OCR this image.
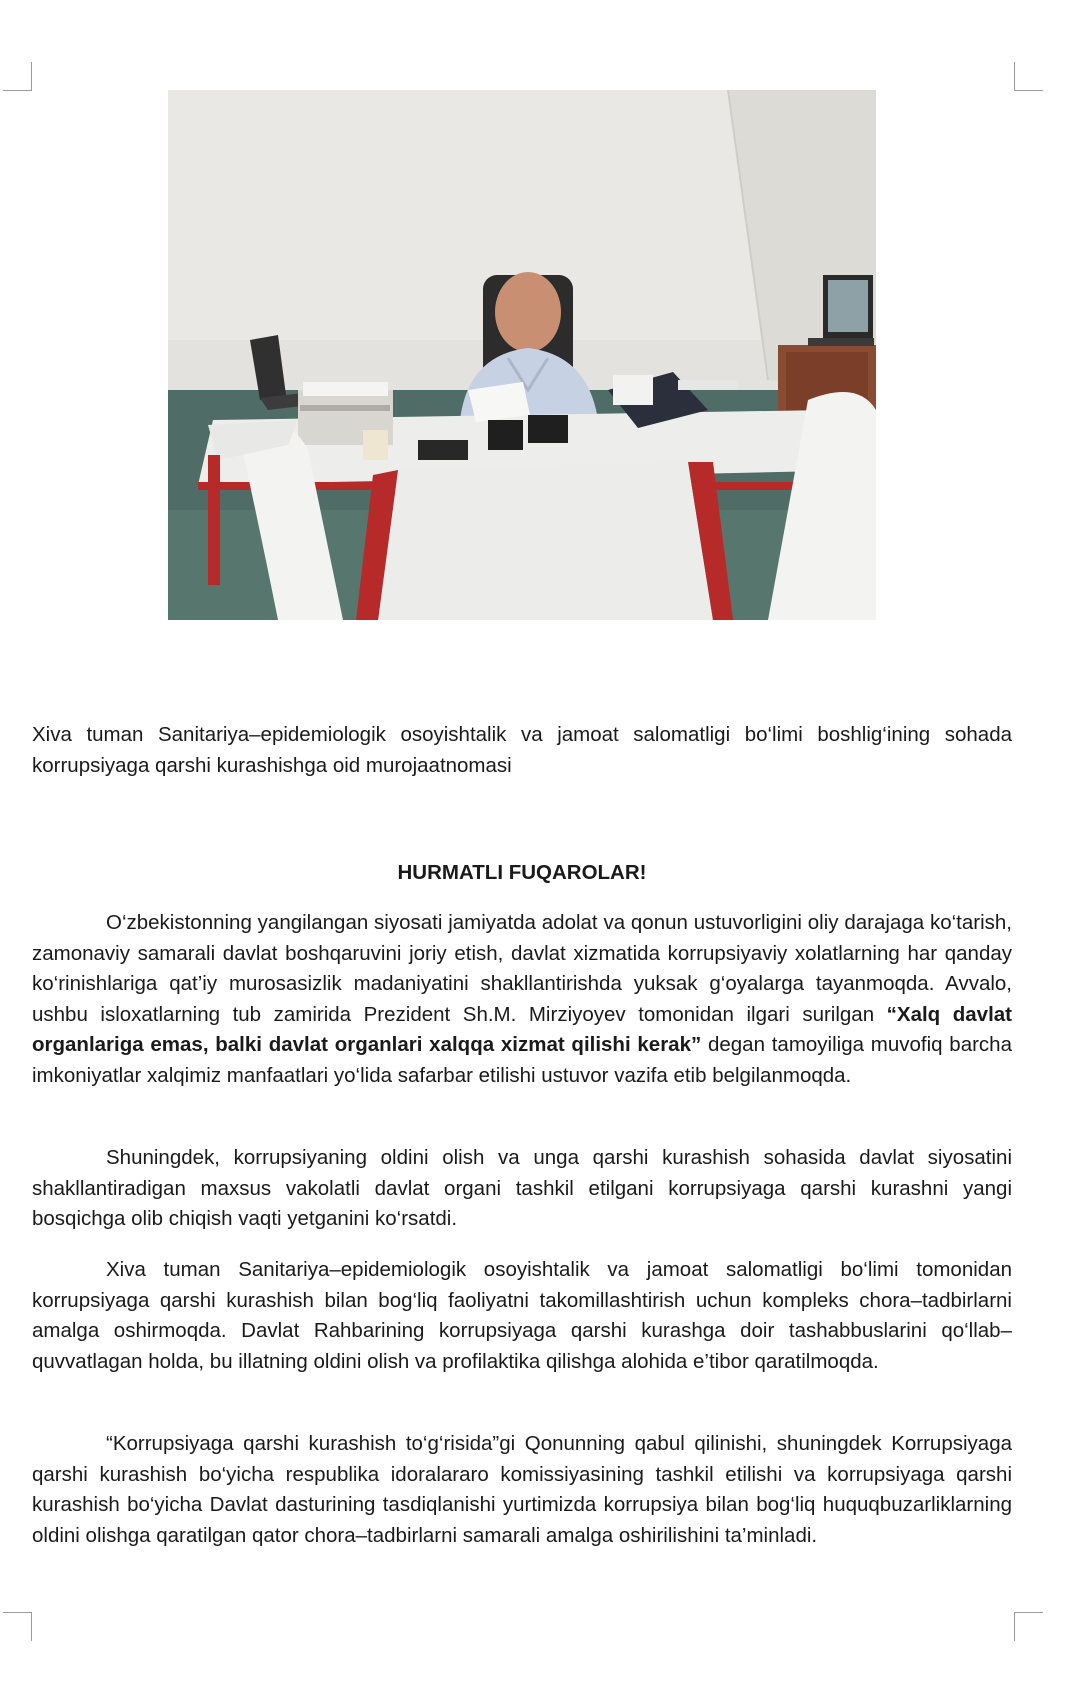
Xiva tuman Sanitariya–epidemiologik osoyishtalik va jamoat salomatligi bo‘limi boshlig‘ining sohada korrupsiyaga qarshi kurashishga oid murojaatnomasi
HURMATLI FUQAROLAR!

O‘zbekistonning yangilangan siyosati jamiyatda adolat va qonun ustuvorligini oliy darajaga ko‘tarish, zamonaviy samarali davlat boshqaruvini joriy etish, davlat xizmatida korrupsiyaviy xolatlarning har qanday ko‘rinishlariga qat’iy murosasizlik madaniyatini shakllantirishda yuksak g‘oyalarga tayanmoqda. Avvalo, ushbu isloxatlarning tub zamirida Prezident Sh.M. Mirziyoyev tomonidan ilgari surilgan “Xalq davlat organlariga emas, balki davlat organlari xalqqa xizmat qilishi kerak” degan tamoyiliga muvofiq barcha imkoniyatlar xalqimiz manfaatlari yo‘lida safarbar etilishi ustuvor vazifa etib belgilanmoqda.

Shuningdek, korrupsiyaning oldini olish va unga qarshi kurashish sohasida davlat siyosatini shakllantiradigan maxsus vakolatli davlat organi tashkil etilgani korrupsiyaga qarshi kurashni yangi bosqichga olib chiqish vaqti yetganini ko‘rsatdi.

Xiva tuman Sanitariya–epidemiologik osoyishtalik va jamoat salomatligi bo‘limi tomonidan korrupsiyaga qarshi kurashish bilan bog‘liq faoliyatni takomillashtirish uchun kompleks chora–tadbirlarni amalga oshirmoqda. Davlat Rahbarining korrupsiyaga qarshi kurashga doir tashabbuslarini qo‘llab–quvvatlagan holda, bu illatning oldini olish va profilaktika qilishga alohida e’tibor qaratilmoqda.

“Korrupsiyaga qarshi kurashish to‘g‘risida”gi Qonunning qabul qilinishi, shuningdek Korrupsiyaga qarshi kurashish bo‘yicha respublika idoralararo komissiyasining tashkil etilishi va korrupsiyaga qarshi kurashish bo‘yicha Davlat dasturining tasdiqlanishi yurtimizda korrupsiya bilan bog‘liq huquqbuzarliklarning oldini olishga qaratilgan qator chora–tadbirlarni samarali amalga oshirilishini ta’minladi.
